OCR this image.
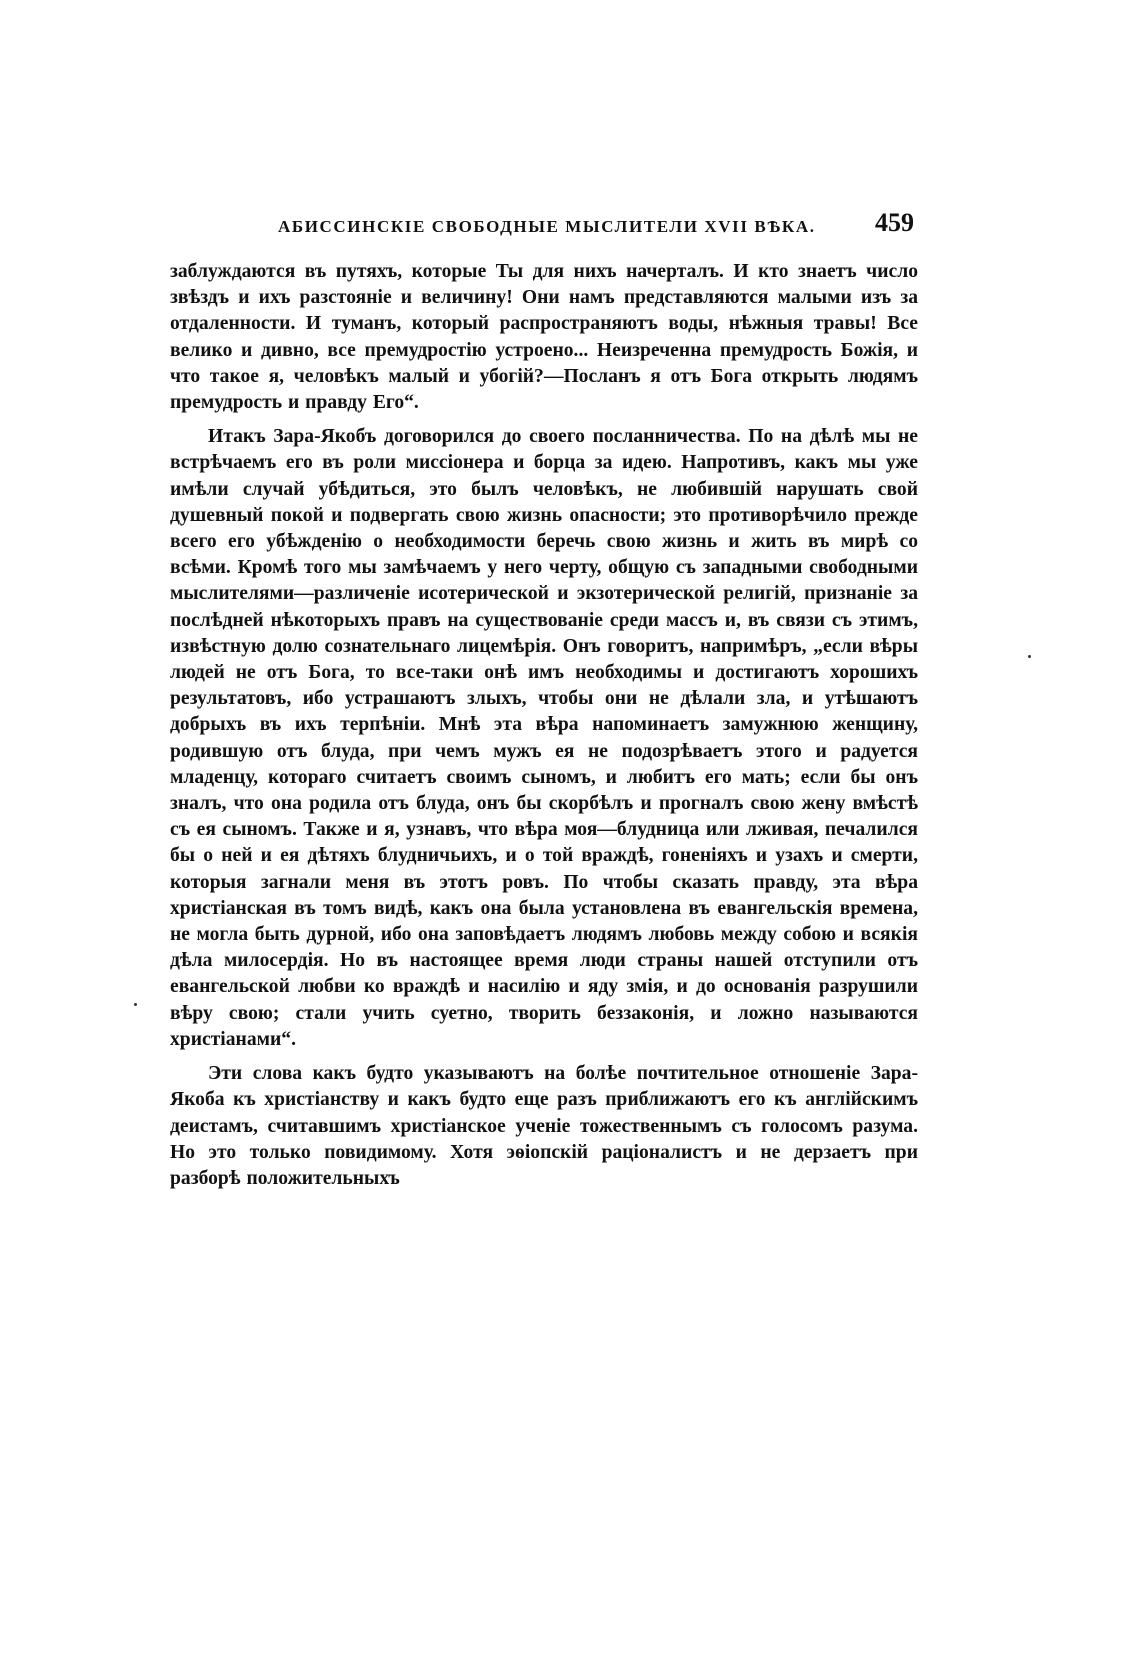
АБИССИНСКІЕ СВОБОДНЫЕ МЫСЛИТЕЛИ XVII ВѢКА. 459

заблуждаются въ путяхъ, которые Ты для нихъ начерталъ. И кто знаетъ число звѣздъ и ихъ разстояніе и величину! Они намъ представляются малыми изъ за отдаленности. И туманъ, который распространяютъ воды, нѣжныя травы! Все велико и дивно, все премудростію устроено... Неизреченна премудрость Божія, и что такое я, человѣкъ малый и убогій?—Посланъ я отъ Бога открыть людямъ премудрость и правду Его“.

Итакъ Зара-Якобъ договорился до своего посланничества. По на дѣлѣ мы не встрѣчаемъ его въ роли миссіонера и борца за идею. Напротивъ, какъ мы уже имѣли случай убѣдиться, это былъ человѣкъ, не любившій нарушать свой душевный покой и подвергать свою жизнь опасности; это противорѣчило прежде всего его убѣжденію о необходимости беречь свою жизнь и жить въ мирѣ со всѣми. Кромѣ того мы замѣчаемъ у него черту, общую съ западными свободными мыслителями—различеніе исотерической и экзотерической религій, признаніе за послѣдней нѣкоторыхъ правъ на существованіе среди массъ и, въ связи съ этимъ, извѣстную долю сознательнаго лицемѣрія. Онъ говоритъ, напримѣръ, „если вѣры людей не отъ Бога, то все-таки онѣ имъ необходимы и достигаютъ хорошихъ результатовъ, ибо устрашаютъ злыхъ, чтобы они не дѣлали зла, и утѣшаютъ добрыхъ въ ихъ терпѣніи. Мнѣ эта вѣра напоминаетъ замужнюю женщину, родившую отъ блуда, при чемъ мужъ ея не подозрѣваетъ этого и радуется младенцу, котораго считаетъ своимъ сыномъ, и любитъ его мать; если бы онъ зналъ, что она родила отъ блуда, онъ бы скорбѣлъ и прогналъ свою жену вмѣстѣ съ ея сыномъ. Также и я, узнавъ, что вѣра моя—блудница или лживая, печалился бы о ней и ея дѣтяхъ блудничьихъ, и о той враждѣ, гоненіяхъ и узахъ и смерти, которыя загнали меня въ этотъ ровъ. По чтобы сказать правду, эта вѣра христіанская въ томъ видѣ, какъ она была установлена въ евангельскія времена, не могла быть дурной, ибо она заповѣдаетъ людямъ любовь между собою и всякія дѣла милосердія. Но въ настоящее время люди страны нашей отступили отъ евангельской любви ко враждѣ и насилію и яду змія, и до основанія разрушили вѣру свою; стали учить суетно, творить беззаконія, и ложно называются христіанами“.

Эти слова какъ будто указываютъ на болѣе почтительное отношеніе Зара-Якоба къ христіанству и какъ будто еще разъ приближаютъ его къ англійскимъ деистамъ, считавшимъ христіанское ученіе тожественнымъ съ голосомъ разума. Но это только повидимому. Хотя эѳіопскій раціоналистъ и не дерзаетъ при разборѣ положительныхъ
